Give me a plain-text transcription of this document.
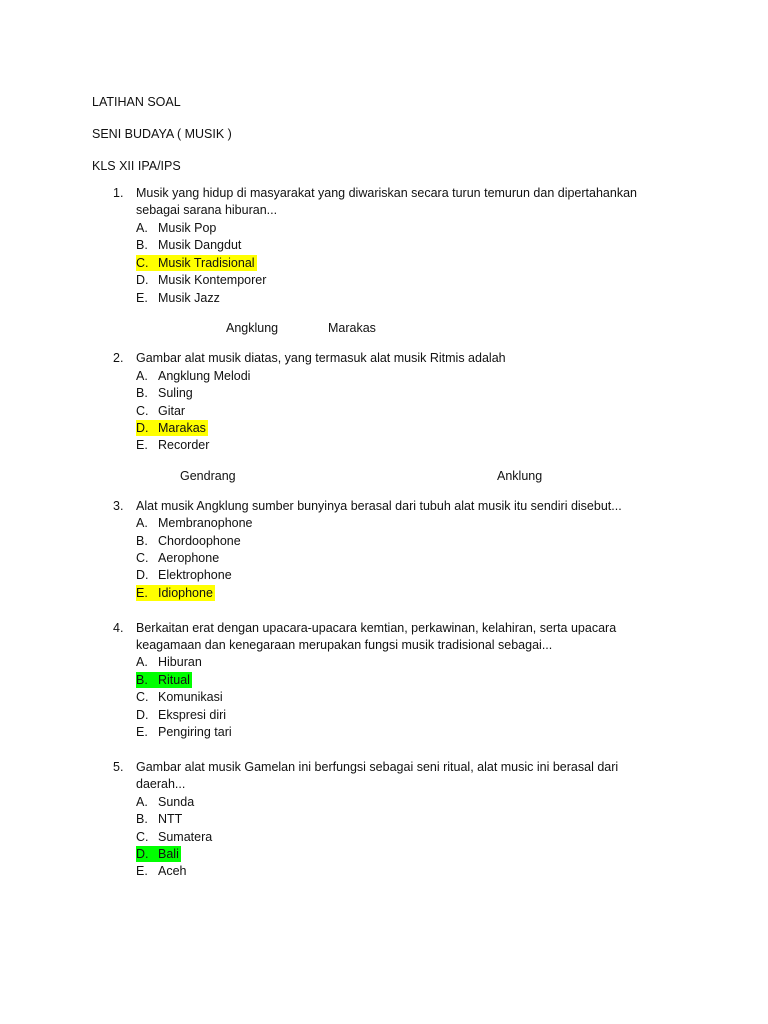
LATIHAN SOAL
SENI BUDAYA ( MUSIK )
KLS XII IPA/IPS
1. Musik yang hidup di masyarakat yang diwariskan secara turun temurun dan dipertahankan
sebagai sarana hiburan...
A. Musik Pop
B. Musik Dangdut
C. Musik Tradisional
D. Musik Kontemporer
E. Musik Jazz
Angklung	Marakas
2. Gambar alat musik diatas, yang termasuk alat musik Ritmis adalah
A. Angklung Melodi
B. Suling
C. Gitar
D. Marakas
E. Recorder
Gendrang	Anklung
3. Alat musik Angklung sumber bunyinya berasal dari tubuh alat musik itu sendiri disebut...
A. Membranophone
B. Chordoophone
C. Aerophone
D. Elektrophone
E. Idiophone
4. Berkaitan erat dengan upacara-upacara kemtian, perkawinan, kelahiran, serta upacara
keagamaan dan kenegaraan merupakan fungsi musik tradisional sebagai...
A. Hiburan
B. Ritual
C. Komunikasi
D. Ekspresi diri
E. Pengiring tari
5. Gambar alat musik Gamelan ini berfungsi sebagai seni ritual, alat music ini berasal dari
daerah...
A. Sunda
B. NTT
C. Sumatera
D. Bali
E. Aceh
